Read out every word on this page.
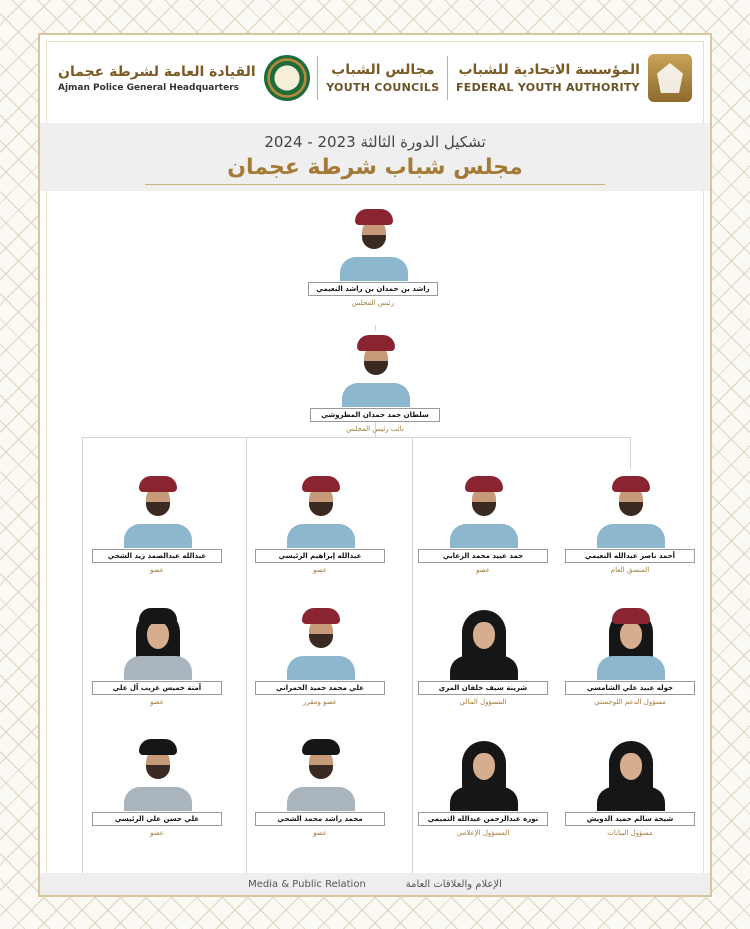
القيادة العامة لشرطة عجمان
Ajman Police General Headquarters
مجالس الشباب
YOUTH COUNCILS
المؤسسة الاتحادية للشباب
FEDERAL YOUTH AUTHORITY
تشكيل الدورة الثالثة 2023 - 2024
مجلس شباب شرطة عجمان
راشد بن حمدان بن راشد النعيمي
رئيس المجلس
سلطان حمد حمدان المطروشي
نائب رئيس المجلس
أحمد ناصر عبدالله النعيمي
المنسق العام
حمد عبيد محمد الزعابي
عضو
عبدالله إبراهيم الرئيسي
عضو
عبدالله عبدالصمد زيد الشحي
عضو
خوله عبيد علي الشامسي
مسؤول الدعم اللوجستي
شرينة سيف خلفان المري
المسؤول المالي
علي محمد حميد الحمراني
عضو ومقرر
آمنة خميس غريب آل علي
عضو
شيخة سالم حميد الدويش
مسؤول البيانات
نوره عبدالرحمن عبدالله التميمي
المسؤول الإعلامي
محمد راشد محمد الشحي
عضو
علي حسن علي الرئيسي
عضو
Media & Public Relation	الإعلام والعلاقات العامة
